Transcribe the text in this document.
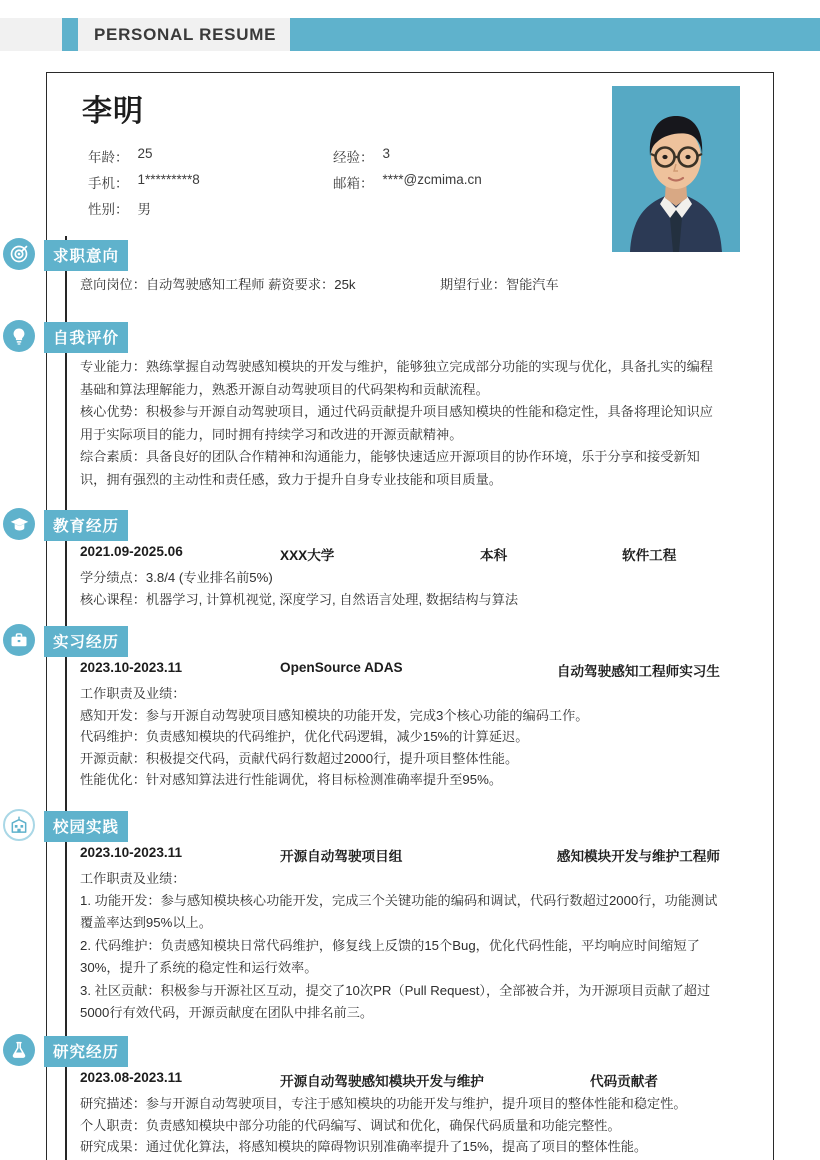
PERSONAL RESUME
李明
年龄： 25	经验： 3
手机： 1*********8	邮箱： ****@zcmima.cn
性别： 男
求职意向
意向岗位：自动驾驶感知工程师 薪资要求：25k	期望行业：智能汽车
自我评价
专业能力：熟练掌握自动驾驶感知模块的开发与维护，能够独立完成部分功能的实现与优化，具备扎实的编程基础和算法理解能力，熟悉开源自动驾驶项目的代码架构和贡献流程。
核心优势：积极参与开源自动驾驶项目，通过代码贡献提升项目感知模块的性能和稳定性，具备将理论知识应用于实际项目的能力，同时拥有持续学习和改进的开源贡献精神。
综合素质：具备良好的团队合作精神和沟通能力，能够快速适应开源项目的协作环境，乐于分享和接受新知识，拥有强烈的主动性和责任感，致力于提升自身专业技能和项目质量。
教育经历
2021.09-2025.06	XXX大学	本科	软件工程
学分绩点：3.8/4 (专业排名前5%)
核心课程：机器学习, 计算机视觉, 深度学习, 自然语言处理, 数据结构与算法
实习经历
2023.10-2023.11	OpenSource ADAS	自动驾驶感知工程师实习生
工作职责及业绩：
感知开发：参与开源自动驾驶项目感知模块的功能开发，完成3个核心功能的编码工作。
代码维护：负责感知模块的代码维护，优化代码逻辑，减少15%的计算延迟。
开源贡献：积极提交代码，贡献代码行数超过2000行，提升项目整体性能。
性能优化：针对感知算法进行性能调优，将目标检测准确率提升至95%。
校园实践
2023.10-2023.11	开源自动驾驶项目组	感知模块开发与维护工程师
工作职责及业绩：
1. 功能开发：参与感知模块核心功能开发，完成三个关键功能的编码和调试，代码行数超过2000行，功能测试覆盖率达到95%以上。
2. 代码维护：负责感知模块日常代码维护，修复线上反馈的15个Bug，优化代码性能，平均响应时间缩短了30%，提升了系统的稳定性和运行效率。
3. 社区贡献：积极参与开源社区互动，提交了10次PR（Pull Request），全部被合并，为开源项目贡献了超过5000行有效代码，开源贡献度在团队中排名前三。
研究经历
2023.08-2023.11	开源自动驾驶感知模块开发与维护	代码贡献者
研究描述：参与开源自动驾驶项目，专注于感知模块的功能开发与维护，提升项目的整体性能和稳定性。
个人职责：负责感知模块中部分功能的代码编写、调试和优化，确保代码质量和功能完整性。
研究成果：通过优化算法，将感知模块的障碍物识别准确率提升了15%，提高了项目的整体性能。
